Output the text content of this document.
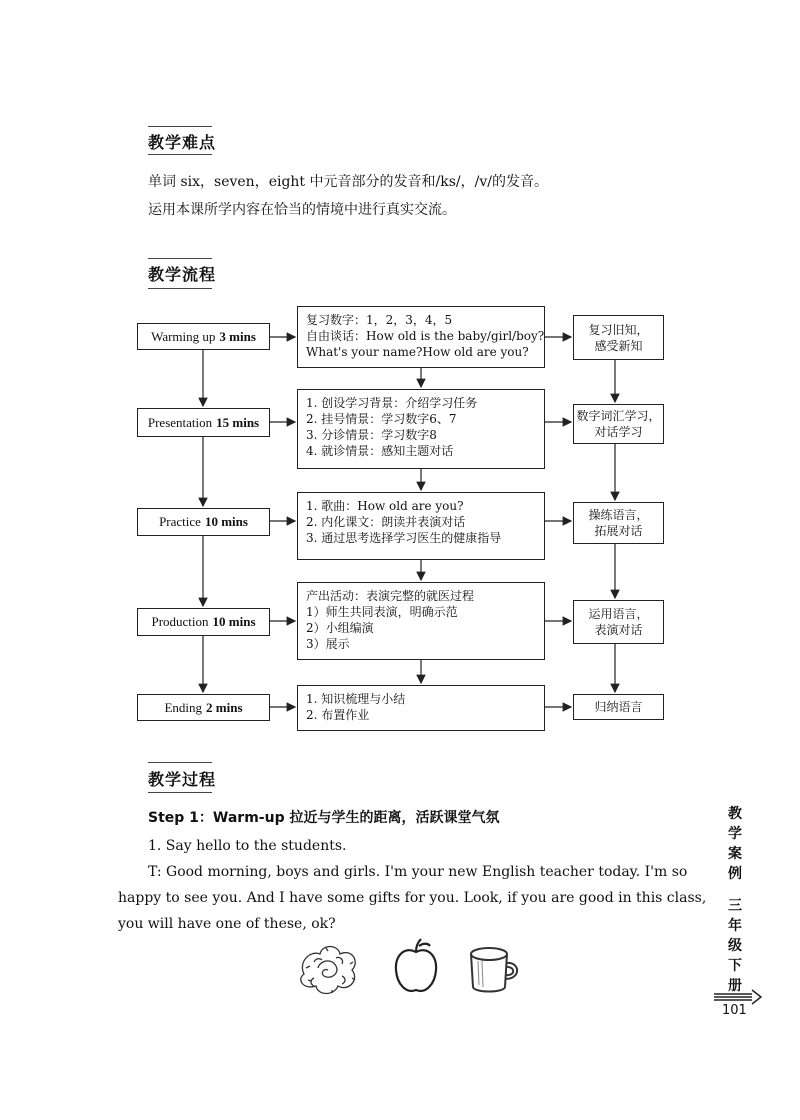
教学难点
单词 six，seven，eight 中元音部分的发音和/ks/，/v/的发音。
运用本课所学内容在恰当的情境中进行真实交流。
教学流程
Warming up 3 mins
Presentation 15 mins
Practice 10 mins
Production 10 mins
Ending 2 mins
复习数字：1，2，3，4，5
自由谈话：How old is the baby/girl/boy?
What's your name?How old are you?
1. 创设学习背景：介绍学习任务
2. 挂号情景：学习数字6、7
3. 分诊情景：学习数字8
4. 就诊情景：感知主题对话
1. 歌曲：How old are you?
2. 内化课文：朗读并表演对话
3. 通过思考选择学习医生的健康指导
产出活动：表演完整的就医过程
1）师生共同表演，明确示范
2）小组编演
3）展示
1. 知识梳理与小结
2. 布置作业
复习旧知，
感受新知
数字词汇学习，
对话学习
操练语言，
拓展对话
运用语言，
表演对话
归纳语言
教学过程
Step 1：Warm-up 拉近与学生的距离，活跃课堂气氛
1. Say hello to the students.
T: Good morning, boys and girls. I'm your new English teacher today. I'm so
happy to see you. And I have some gifts for you. Look, if you are good in this class,
you will have one of these, ok?
教
学
案
例
三
年
级
下
册
101
